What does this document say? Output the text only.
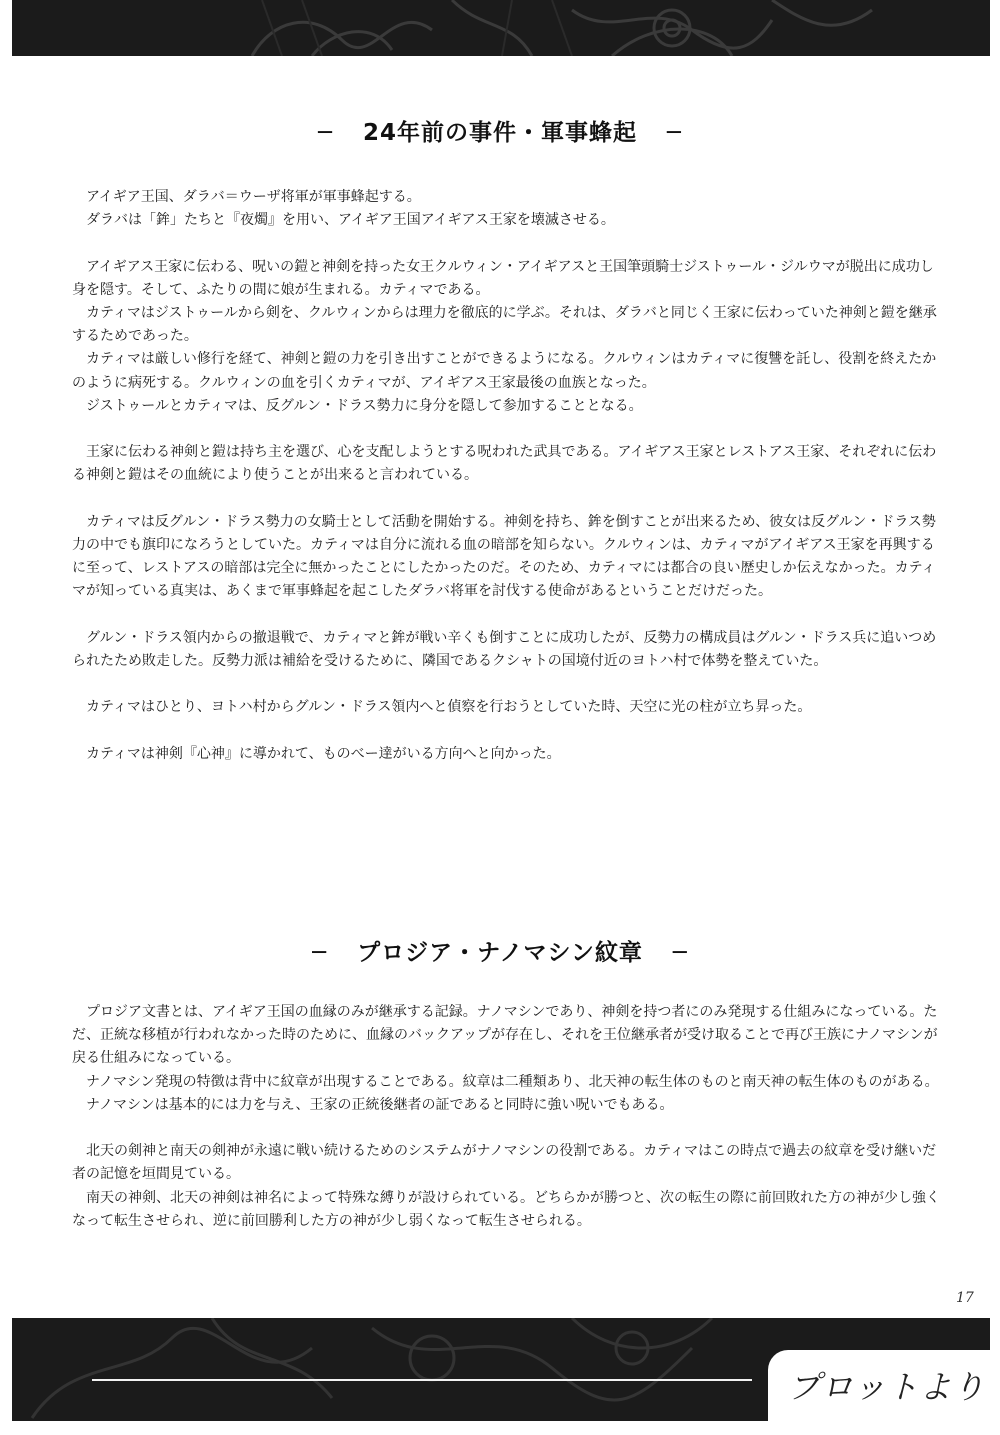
─ 24年前の事件・軍事蜂起 ─

アイギア王国、ダラバ＝ウーザ将軍が軍事蜂起する。

ダラバは「鉾」たちと『夜燭』を用い、アイギア王国アイギアス王家を壊滅させる。

アイギアス王家に伝わる、呪いの鎧と神剣を持った女王クルウィン・アイギアスと王国筆頭騎士ジストゥール・ジルウマが脱出に成功し身を隠す。そして、ふたりの間に娘が生まれる。カティマである。

カティマはジストゥールから剣を、クルウィンからは理力を徹底的に学ぶ。それは、ダラバと同じく王家に伝わっていた神剣と鎧を継承するためであった。

カティマは厳しい修行を経て、神剣と鎧の力を引き出すことができるようになる。クルウィンはカティマに復讐を託し、役割を終えたかのように病死する。クルウィンの血を引くカティマが、アイギアス王家最後の血族となった。

ジストゥールとカティマは、反グルン・ドラス勢力に身分を隠して参加することとなる。

王家に伝わる神剣と鎧は持ち主を選び、心を支配しようとする呪われた武具である。アイギアス王家とレストアス王家、それぞれに伝わる神剣と鎧はその血統により使うことが出来ると言われている。

カティマは反グルン・ドラス勢力の女騎士として活動を開始する。神剣を持ち、鉾を倒すことが出来るため、彼女は反グルン・ドラス勢力の中でも旗印になろうとしていた。カティマは自分に流れる血の暗部を知らない。クルウィンは、カティマがアイギアス王家を再興するに至って、レストアスの暗部は完全に無かったことにしたかったのだ。そのため、カティマには都合の良い歴史しか伝えなかった。カティマが知っている真実は、あくまで軍事蜂起を起こしたダラバ将軍を討伐する使命があるということだけだった。

グルン・ドラス領内からの撤退戦で、カティマと鉾が戦い辛くも倒すことに成功したが、反勢力の構成員はグルン・ドラス兵に追いつめられたため敗走した。反勢力派は補給を受けるために、隣国であるクシャトの国境付近のヨトハ村で体勢を整えていた。

カティマはひとり、ヨトハ村からグルン・ドラス領内へと偵察を行おうとしていた時、天空に光の柱が立ち昇った。

カティマは神剣『心神』に導かれて、ものべー達がいる方向へと向かった。

─ プロジア・ナノマシン紋章 ─

プロジア文書とは、アイギア王国の血縁のみが継承する記録。ナノマシンであり、神剣を持つ者にのみ発現する仕組みになっている。ただ、正統な移植が行われなかった時のために、血縁のバックアップが存在し、それを王位継承者が受け取ることで再び王族にナノマシンが戻る仕組みになっている。

ナノマシン発現の特徴は背中に紋章が出現することである。紋章は二種類あり、北天神の転生体のものと南天神の転生体のものがある。

ナノマシンは基本的には力を与え、王家の正統後継者の証であると同時に強い呪いでもある。

北天の剣神と南天の剣神が永遠に戦い続けるためのシステムがナノマシンの役割である。カティマはこの時点で過去の紋章を受け継いだ者の記憶を垣間見ている。

南天の神剣、北天の神剣は神名によって特殊な縛りが設けられている。どちらかが勝つと、次の転生の際に前回敗れた方の神が少し強くなって転生させられ、逆に前回勝利した方の神が少し弱くなって転生させられる。

17
プロットより
